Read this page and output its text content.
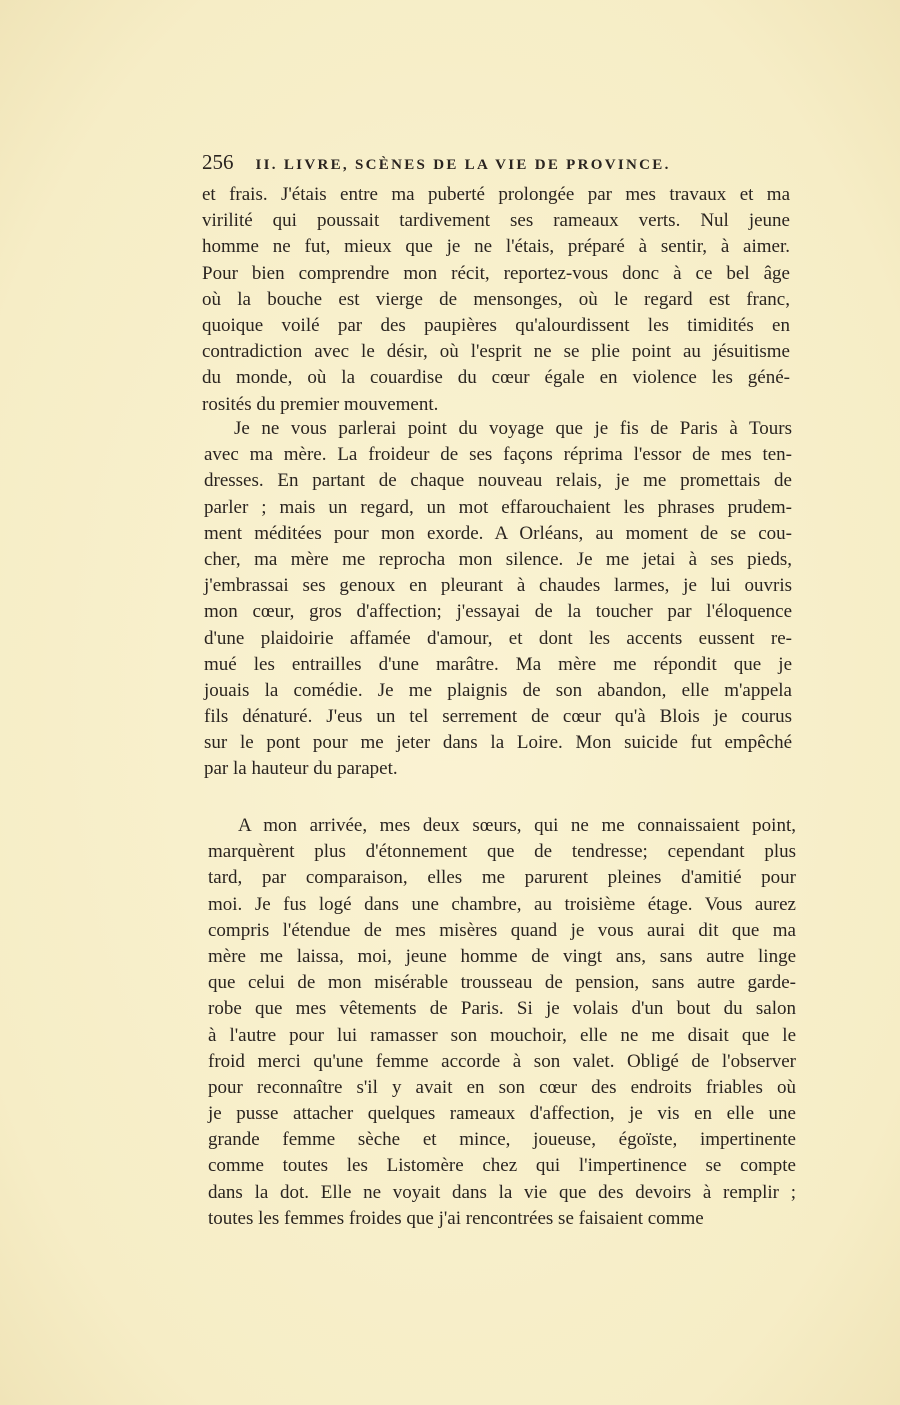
256 II. LIVRE, SCÈNES DE LA VIE DE PROVINCE.
et frais. J'étais entre ma puberté prolongée par mes travaux et ma
virilité qui poussait tardivement ses rameaux verts. Nul jeune
homme ne fut, mieux que je ne l'étais, préparé à sentir, à aimer.
Pour bien comprendre mon récit, reportez-vous donc à ce bel âge
où la bouche est vierge de mensonges, où le regard est franc,
quoique voilé par des paupières qu'alourdissent les timidités en
contradiction avec le désir, où l'esprit ne se plie point au jésuitisme
du monde, où la couardise du cœur égale en violence les géné-
rosités du premier mouvement.
Je ne vous parlerai point du voyage que je fis de Paris à Tours
avec ma mère. La froideur de ses façons réprima l'essor de mes ten-
dresses. En partant de chaque nouveau relais, je me promettais de
parler ; mais un regard, un mot effarouchaient les phrases prudem-
ment méditées pour mon exorde. A Orléans, au moment de se cou-
cher, ma mère me reprocha mon silence. Je me jetai à ses pieds,
j'embrassai ses genoux en pleurant à chaudes larmes, je lui ouvris
mon cœur, gros d'affection; j'essayai de la toucher par l'éloquence
d'une plaidoirie affamée d'amour, et dont les accents eussent re-
mué les entrailles d'une marâtre. Ma mère me répondit que je
jouais la comédie. Je me plaignis de son abandon, elle m'appela
fils dénaturé. J'eus un tel serrement de cœur qu'à Blois je courus
sur le pont pour me jeter dans la Loire. Mon suicide fut empêché
par la hauteur du parapet.
A mon arrivée, mes deux sœurs, qui ne me connaissaient point,
marquèrent plus d'étonnement que de tendresse; cependant plus
tard, par comparaison, elles me parurent pleines d'amitié pour
moi. Je fus logé dans une chambre, au troisième étage. Vous aurez
compris l'étendue de mes misères quand je vous aurai dit que ma
mère me laissa, moi, jeune homme de vingt ans, sans autre linge
que celui de mon misérable trousseau de pension, sans autre garde-
robe que mes vêtements de Paris. Si je volais d'un bout du salon
à l'autre pour lui ramasser son mouchoir, elle ne me disait que le
froid merci qu'une femme accorde à son valet. Obligé de l'observer
pour reconnaître s'il y avait en son cœur des endroits friables où
je pusse attacher quelques rameaux d'affection, je vis en elle une
grande femme sèche et mince, joueuse, égoïste, impertinente
comme toutes les Listomère chez qui l'impertinence se compte
dans la dot. Elle ne voyait dans la vie que des devoirs à remplir ;
toutes les femmes froides que j'ai rencontrées se faisaient comme
